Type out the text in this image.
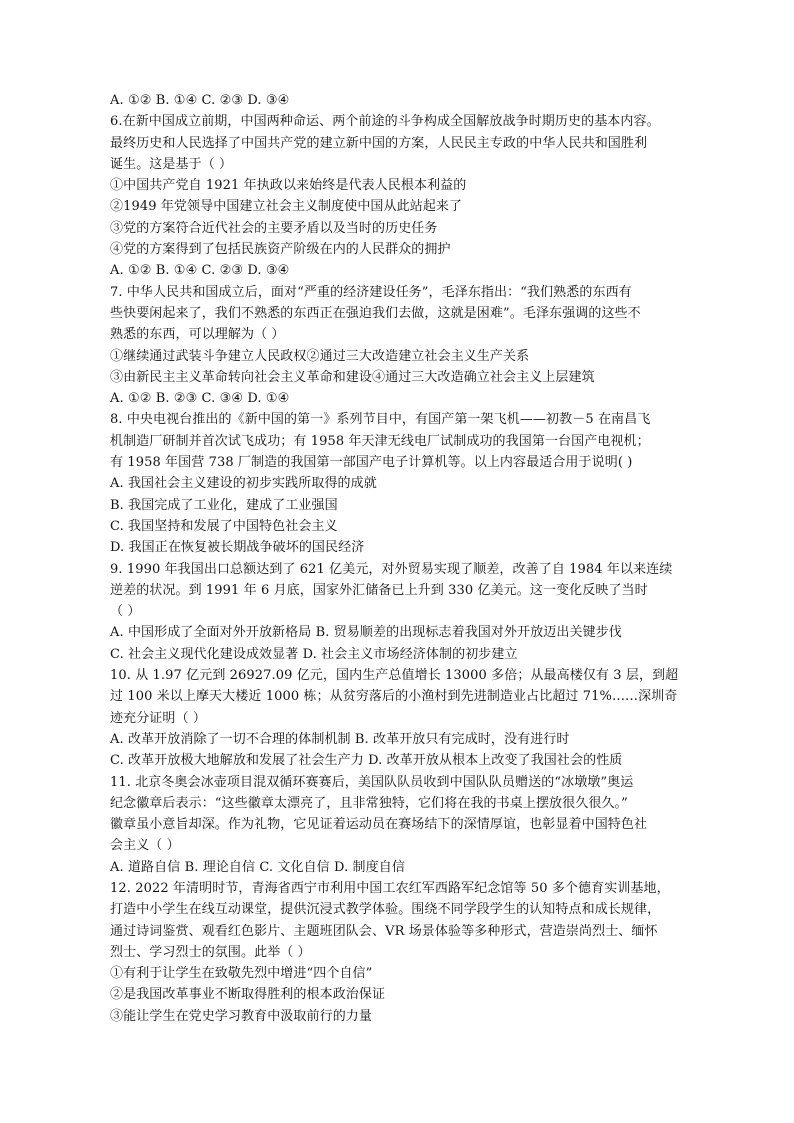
A. ①② B. ①④ C. ②③ D. ③④
6.在新中国成立前期，中国两种命运、两个前途的斗争构成全国解放战争时期历史的基本内容。
最终历史和人民选择了中国共产党的建立新中国的方案，人民民主专政的中华人民共和国胜利
诞生。这是基于（ ）
①中国共产党自 1921 年执政以来始终是代表人民根本利益的
②1949 年党领导中国建立社会主义制度使中国从此站起来了
③党的方案符合近代社会的主要矛盾以及当时的历史任务
④党的方案得到了包括民族资产阶级在内的人民群众的拥护
A. ①② B. ①④ C. ②③ D. ③④
7. 中华人民共和国成立后，面对“严重的经济建设任务”，毛泽东指出：“我们熟悉的东西有
些快要闲起来了，我们不熟悉的东西正在强迫我们去做，这就是困难”。毛泽东强调的这些不
熟悉的东西，可以理解为（ ）
①继续通过武装斗争建立人民政权②通过三大改造建立社会主义生产关系
③由新民主主义革命转向社会主义革命和建设④通过三大改造确立社会主义上层建筑
A. ①② B. ②③ C. ③④ D. ①④
8. 中央电视台推出的《新中国的第一》系列节目中，有国产第一架飞机——初教－5 在南昌飞
机制造厂研制并首次试飞成功；有 1958 年天津无线电厂试制成功的我国第一台国产电视机；
有 1958 年国营 738 厂制造的我国第一部国产电子计算机等。以上内容最适合用于说明( )
A. 我国社会主义建设的初步实践所取得的成就
B. 我国完成了工业化，建成了工业强国
C. 我国坚持和发展了中国特色社会主义
D. 我国正在恢复被长期战争破坏的国民经济
9. 1990 年我国出口总额达到了 621 亿美元，对外贸易实现了顺差，改善了自 1984 年以来连续
逆差的状况。到 1991 年 6 月底，国家外汇储备已上升到 330 亿美元。这一变化反映了当时
（ ）
A. 中国形成了全面对外开放新格局 B. 贸易顺差的出现标志着我国对外开放迈出关键步伐
C. 社会主义现代化建设成效显著 D. 社会主义市场经济体制的初步建立
10. 从 1.97 亿元到 26927.09 亿元，国内生产总值增长 13000 多倍；从最高楼仅有 3 层，到超
过 100 米以上摩天大楼近 1000 栋；从贫穷落后的小渔村到先进制造业占比超过 71%……深圳奇
迹充分证明（ ）
A. 改革开放消除了一切不合理的体制机制 B. 改革开放只有完成时，没有进行时
C. 改革开放极大地解放和发展了社会生产力 D. 改革开放从根本上改变了我国社会的性质
11. 北京冬奥会冰壶项目混双循环赛赛后，美国队队员收到中国队队员赠送的“冰墩墩”奥运
纪念徽章后表示：“这些徽章太漂亮了，且非常独特，它们将在我的书桌上摆放很久很久。”
徽章虽小意旨却深。作为礼物，它见证着运动员在赛场结下的深情厚谊，也彰显着中国特色社
会主义（ ）
A. 道路自信 B. 理论自信 C. 文化自信 D. 制度自信
12. 2022 年清明时节，青海省西宁市利用中国工农红军西路军纪念馆等 50 多个德育实训基地，
打造中小学生在线互动课堂，提供沉浸式教学体验。围绕不同学段学生的认知特点和成长规律，
通过诗词鉴赏、观看红色影片、主题班团队会、VR 场景体验等多种形式，营造崇尚烈士、缅怀
烈士、学习烈士的氛围。此举（ ）
①有利于让学生在致敬先烈中增进“四个自信”
②是我国改革事业不断取得胜利的根本政治保证
③能让学生在党史学习教育中汲取前行的力量
